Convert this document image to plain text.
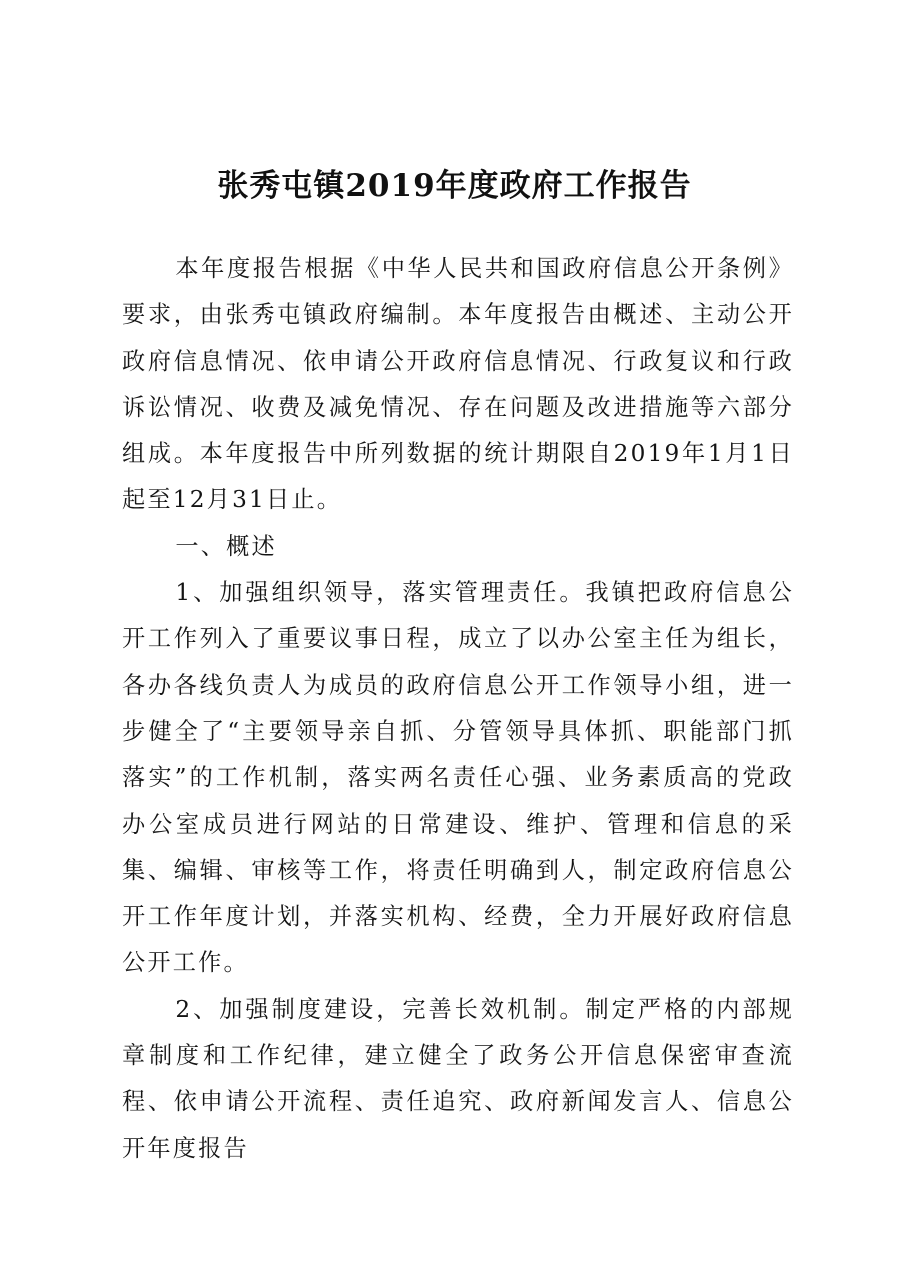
张秀屯镇2019年度政府工作报告

本年度报告根据《中华人民共和国政府信息公开条例》要求，由张秀屯镇政府编制。本年度报告由概述、主动公开政府信息情况、依申请公开政府信息情况、行政复议和行政诉讼情况、收费及减免情况、存在问题及改进措施等六部分组成。本年度报告中所列数据的统计期限自2019年1月1日起至12月31日止。

一、概述

1、加强组织领导，落实管理责任。我镇把政府信息公开工作列入了重要议事日程，成立了以办公室主任为组长，各办各线负责人为成员的政府信息公开工作领导小组，进一步健全了“主要领导亲自抓、分管领导具体抓、职能部门抓落实”的工作机制，落实两名责任心强、业务素质高的党政办公室成员进行网站的日常建设、维护、管理和信息的采集、编辑、审核等工作，将责任明确到人，制定政府信息公开工作年度计划，并落实机构、经费，全力开展好政府信息公开工作。

2、加强制度建设，完善长效机制。制定严格的内部规章制度和工作纪律，建立健全了政务公开信息保密审查流程、依申请公开流程、责任追究、政府新闻发言人、信息公开年度报告
